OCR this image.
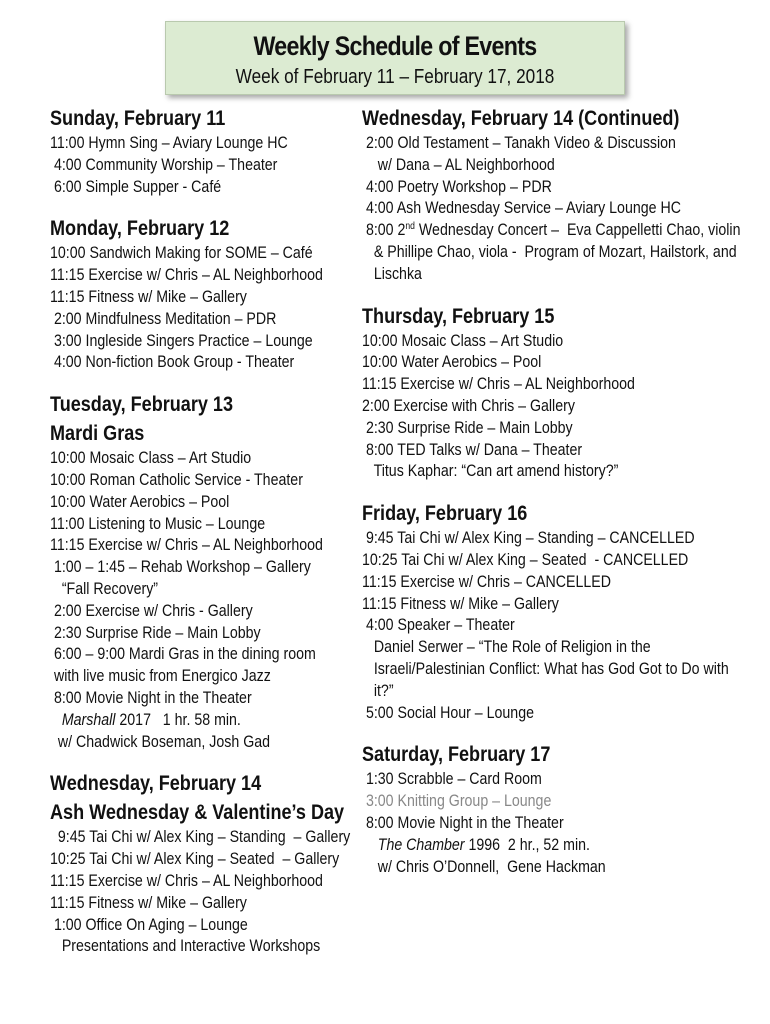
Weekly Schedule of Events
Week of February 11 – February 17, 2018
Sunday, February 11
11:00 Hymn Sing – Aviary Lounge HC
4:00 Community Worship – Theater
6:00 Simple Supper - Café
Monday, February 12
10:00 Sandwich Making for SOME – Café
11:15 Exercise w/ Chris – AL Neighborhood
11:15 Fitness w/ Mike – Gallery
2:00 Mindfulness Meditation – PDR
3:00 Ingleside Singers Practice – Lounge
4:00 Non-fiction Book Group - Theater
Tuesday, February 13
Mardi Gras
10:00 Mosaic Class – Art Studio
10:00 Roman Catholic Service - Theater
10:00 Water Aerobics – Pool
11:00 Listening to Music – Lounge
11:15 Exercise w/ Chris – AL Neighborhood
1:00 – 1:45 – Rehab Workshop – Gallery
“Fall Recovery”
2:00 Exercise w/ Chris - Gallery
2:30 Surprise Ride – Main Lobby
6:00 – 9:00 Mardi Gras in the dining room
with live music from Energico Jazz
8:00 Movie Night in the Theater
Marshall 2017   1 hr. 58 min.
w/ Chadwick Boseman, Josh Gad
Wednesday, February 14
Ash Wednesday & Valentine’s Day
9:45 Tai Chi w/ Alex King – Standing  – Gallery
10:25 Tai Chi w/ Alex King – Seated  – Gallery
11:15 Exercise w/ Chris – AL Neighborhood
11:15 Fitness w/ Mike – Gallery
1:00 Office On Aging – Lounge
Presentations and Interactive Workshops
Wednesday, February 14 (Continued)
2:00 Old Testament – Tanakh Video & Discussion
w/ Dana – AL Neighborhood
4:00 Poetry Workshop – PDR
4:00 Ash Wednesday Service – Aviary Lounge HC
8:00 2nd Wednesday Concert –  Eva Cappelletti Chao, violin
& Phillipe Chao, viola -  Program of Mozart, Hailstork, and
Lischka
Thursday, February 15
10:00 Mosaic Class – Art Studio
10:00 Water Aerobics – Pool
11:15 Exercise w/ Chris – AL Neighborhood
2:00 Exercise with Chris – Gallery
2:30 Surprise Ride – Main Lobby
8:00 TED Talks w/ Dana – Theater
Titus Kaphar: “Can art amend history?”
Friday, February 16
9:45 Tai Chi w/ Alex King – Standing – CANCELLED
10:25 Tai Chi w/ Alex King – Seated  - CANCELLED
11:15 Exercise w/ Chris – CANCELLED
11:15 Fitness w/ Mike – Gallery
4:00 Speaker – Theater
Daniel Serwer – “The Role of Religion in the
Israeli/Palestinian Conflict: What has God Got to Do with
it?”
5:00 Social Hour – Lounge
Saturday, February 17
1:30 Scrabble – Card Room
3:00 Knitting Group – Lounge
8:00 Movie Night in the Theater
The Chamber 1996  2 hr., 52 min.
w/ Chris O’Donnell,  Gene Hackman
